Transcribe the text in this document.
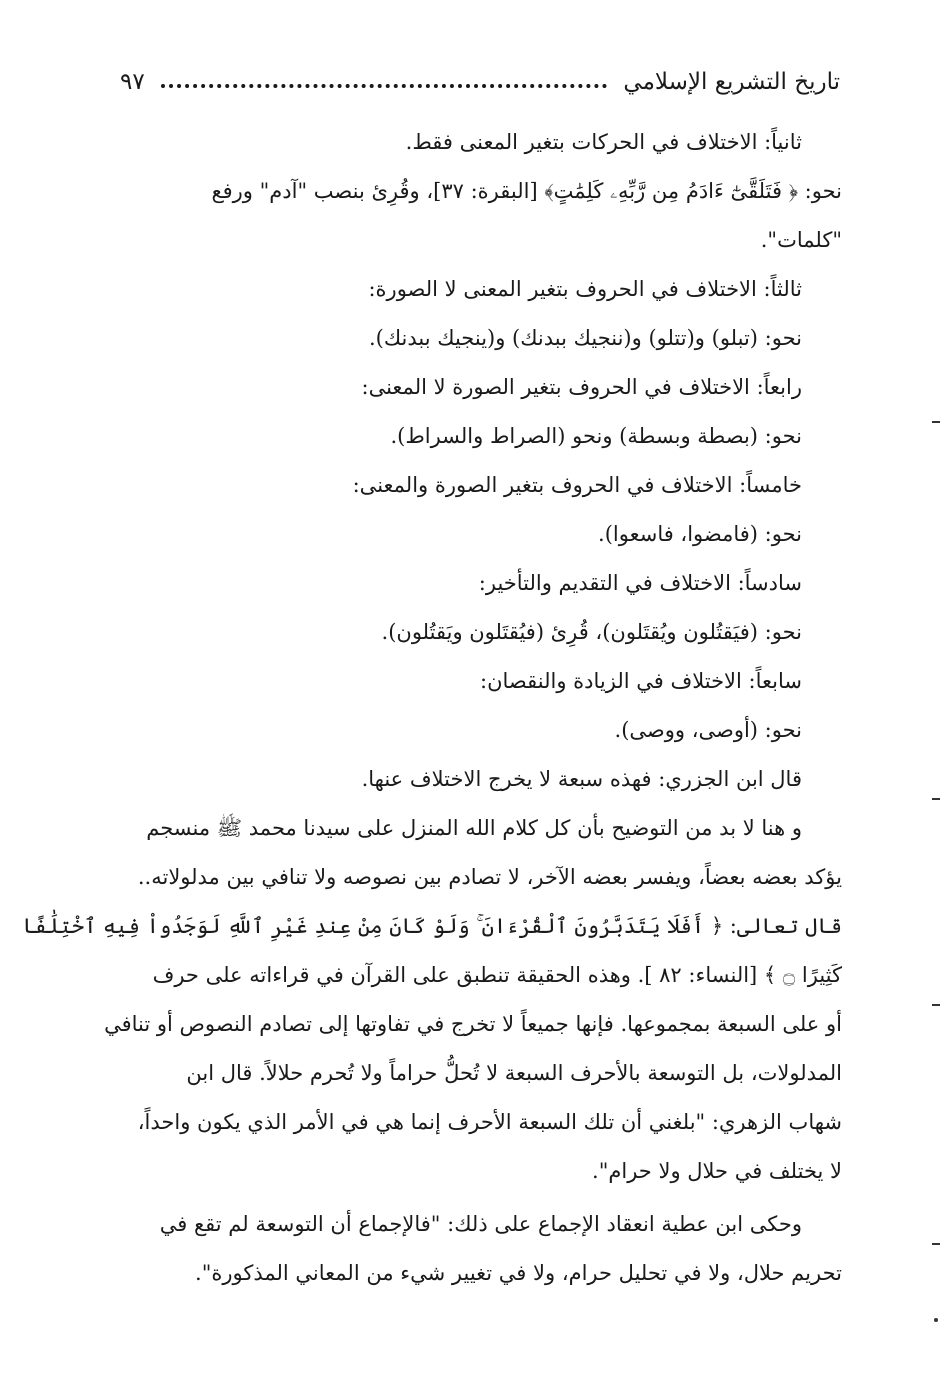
تاريخ التشريع الإسلامي
٩٧
ثانياً: الاختلاف في الحركات بتغير المعنى فقط.
نحو: ﴿ فَتَلَقَّىٰٓ ءَادَمُ مِن رَّبِّهِۦ كَلِمَٰتٍ﴾ [البقرة: ٣٧]، وقُرِئ بنصب "آدم" ورفع
"كلمات".
ثالثاً: الاختلاف في الحروف بتغير المعنى لا الصورة:
نحو: (تبلو) و(تتلو) و(ننجيك ببدنك) و(ينجيك ببدنك).
رابعاً: الاختلاف في الحروف بتغير الصورة لا المعنى:
نحو: (بصطة وبسطة) ونحو (الصراط والسراط).
خامساً: الاختلاف في الحروف بتغير الصورة والمعنى:
نحو: (فامضوا، فاسعوا).
سادساً: الاختلاف في التقديم والتأخير:
نحو: (فيَقتُلون ويُقتَلون)، قُرِئ (فيُقتَلون ويَقتُلون).
سابعاً: الاختلاف في الزيادة والنقصان:
نحو: (أوصى، ووصى).
قال ابن الجزري: فهذه سبعة لا يخرج الاختلاف عنها.
و هنا لا بد من التوضيح بأن كل كلام الله المنزل على سيدنا محمد ﷺ منسجم
يؤكد بعضه بعضاً، ويفسر بعضه الآخر، لا تصادم بين نصوصه ولا تنافي بين مدلولاته..
قال تعالى: ﴿ أَفَلَا يَتَدَبَّرُونَ ٱلْقُرْءَانَ ۚ وَلَوْ كَانَ مِنْ عِندِ غَيْرِ ٱللَّهِ لَوَجَدُواْ فِيهِ ٱخْتِلَٰفًا
كَثِيرًا ۝ ﴾ [النساء: ٨٢ ]. وهذه الحقيقة تنطبق على القرآن في قراءاته على حرف
أو على السبعة بمجموعها. فإنها جميعاً لا تخرج في تفاوتها إلى تصادم النصوص أو تنافي
المدلولات، بل التوسعة بالأحرف السبعة لا تُحلُّ حراماً ولا تُحرم حلالاً. قال ابن
شهاب الزهري: "بلغني أن تلك السبعة الأحرف إنما هي في الأمر الذي يكون واحداً،
لا يختلف في حلال ولا حرام".
وحكى ابن عطية انعقاد الإجماع على ذلك: "فالإجماع أن التوسعة لم تقع في
تحريم حلال، ولا في تحليل حرام، ولا في تغيير شيء من المعاني المذكورة".
